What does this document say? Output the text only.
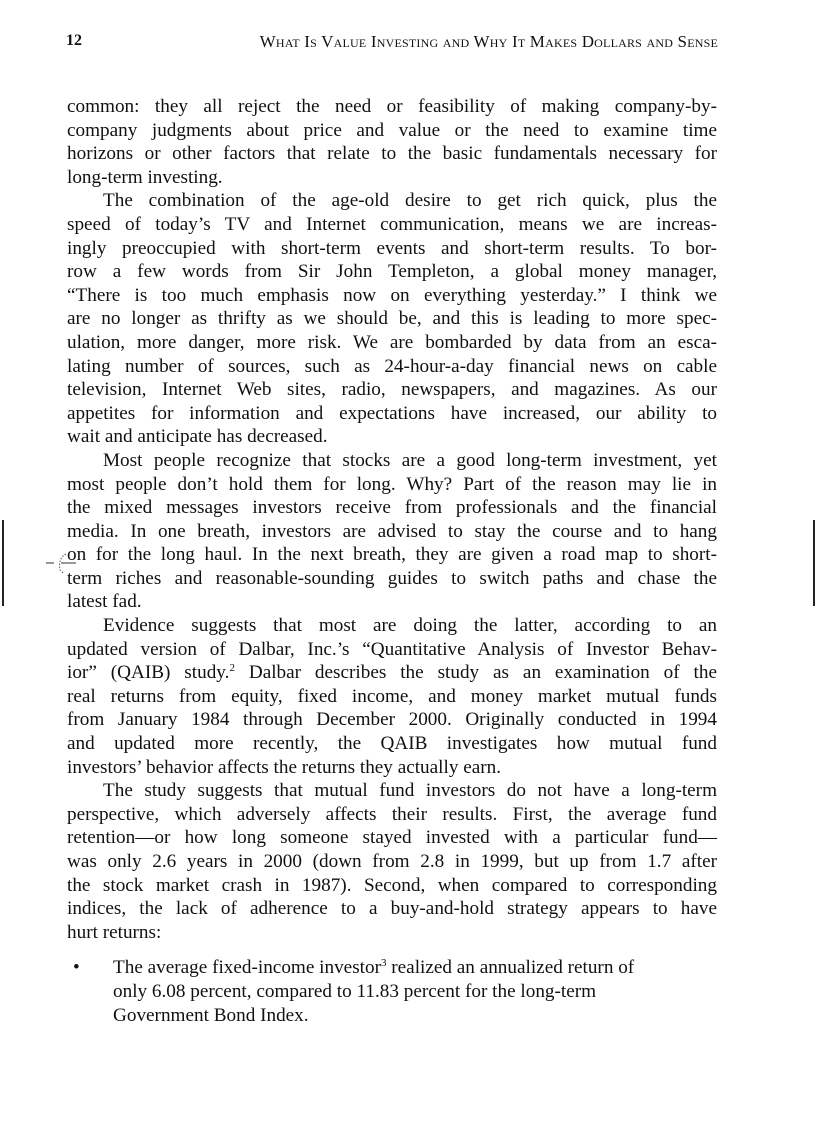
12	What Is Value Investing and Why It Makes Dollars and Sense
common: they all reject the need or feasibility of making company-by-
company judgments about price and value or the need to examine time
horizons or other factors that relate to the basic fundamentals necessary for
long-term investing.
The combination of the age-old desire to get rich quick, plus the
speed of today’s TV and Internet communication, means we are increas-
ingly preoccupied with short-term events and short-term results. To bor-
row a few words from Sir John Templeton, a global money manager,
“There is too much emphasis now on everything yesterday.” I think we
are no longer as thrifty as we should be, and this is leading to more spec-
ulation, more danger, more risk. We are bombarded by data from an esca-
lating number of sources, such as 24-hour-a-day financial news on cable
television, Internet Web sites, radio, newspapers, and magazines. As our
appetites for information and expectations have increased, our ability to
wait and anticipate has decreased.
Most people recognize that stocks are a good long-term investment, yet
most people don’t hold them for long. Why? Part of the reason may lie in
the mixed messages investors receive from professionals and the financial
media. In one breath, investors are advised to stay the course and to hang
on for the long haul. In the next breath, they are given a road map to short-
term riches and reasonable-sounding guides to switch paths and chase the
latest fad.
Evidence suggests that most are doing the latter, according to an
updated version of Dalbar, Inc.’s “Quantitative Analysis of Investor Behav-
ior” (QAIB) study.$^2$ Dalbar describes the study as an examination of the
real returns from equity, fixed income, and money market mutual funds
from January 1984 through December 2000. Originally conducted in 1994
and updated more recently, the QAIB investigates how mutual fund
investors’ behavior affects the returns they actually earn.
The study suggests that mutual fund investors do not have a long-term
perspective, which adversely affects their results. First, the average fund
retention—or how long someone stayed invested with a particular fund—
was only 2.6 years in 2000 (down from 2.8 in 1999, but up from 1.7 after
the stock market crash in 1987). Second, when compared to corresponding
indices, the lack of adherence to a buy-and-hold strategy appears to have
hurt returns:
• The average fixed-income investor$^3$ realized an annualized return of
only 6.08 percent, compared to 11.83 percent for the long-term
Government Bond Index.
